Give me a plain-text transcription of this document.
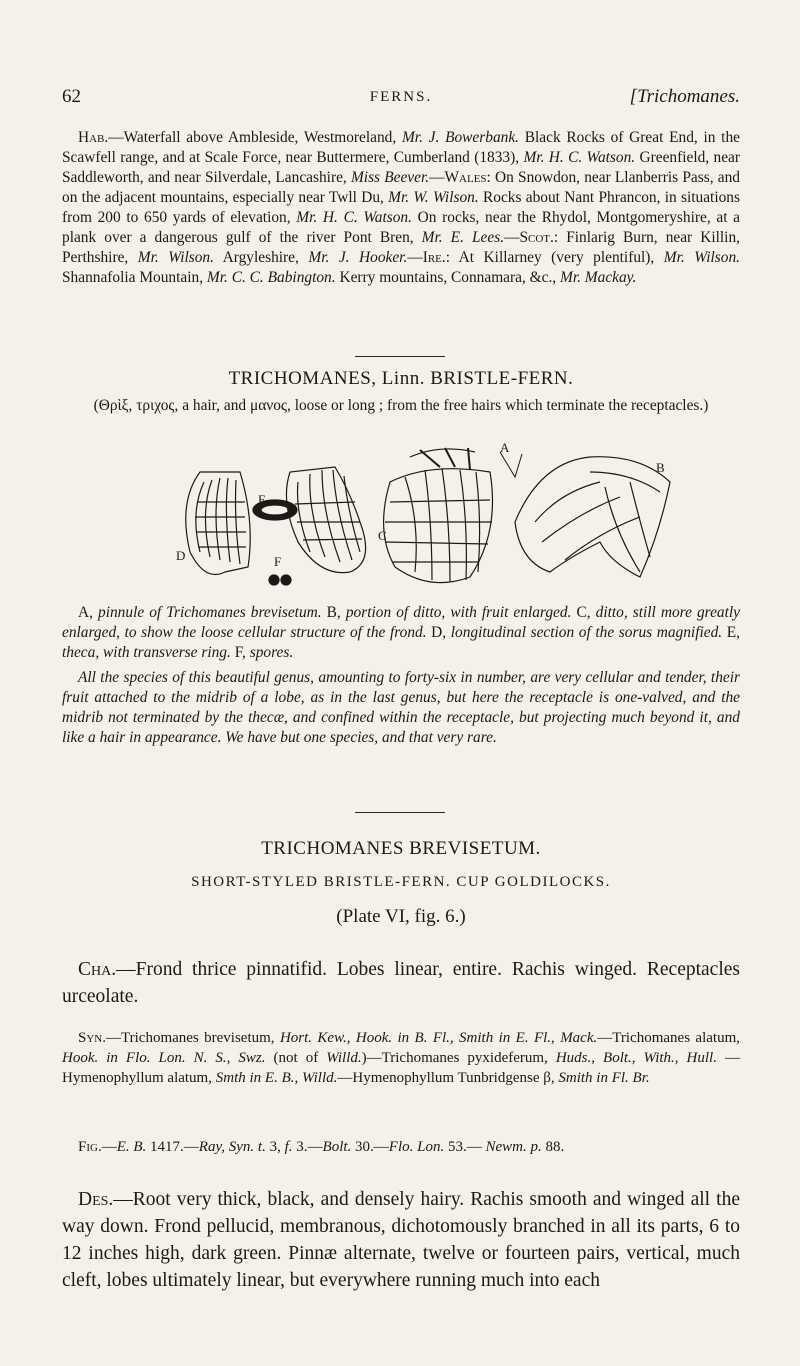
62	FERNS.	[Trichomanes.

Hab.—Waterfall above Ambleside, Westmoreland, Mr. J. Bowerbank. Black Rocks of Great End, in the Scawfell range, and at Scale Force, near Buttermere, Cumberland (1833), Mr. H. C. Watson. Greenfield, near Saddleworth, and near Silverdale, Lancashire, Miss Beever.—Wales: On Snowdon, near Llanberris Pass, and on the adjacent mountains, especially near Twll Du, Mr. W. Wilson. Rocks about Nant Phrancon, in situations from 200 to 650 yards of elevation, Mr. H. C. Watson. On rocks, near the Rhydol, Montgomeryshire, at a plank over a dangerous gulf of the river Pont Bren, Mr. E. Lees.—Scot.: Finlarig Burn, near Killin, Perthshire, Mr. Wilson. Argyleshire, Mr. J. Hooker.—Ire.: At Killarney (very plentiful), Mr. Wilson. Shannafolia Mountain, Mr. C. C. Babington. Kerry mountains, Connamara, &c., Mr. Mackay.

TRICHOMANES, Linn. BRISTLE-FERN.
(Θρὶξ, τριχος, a hair, and μανος, loose or long ; from the free hairs which terminate the receptacles.)
D
E
F
C
A
B

A, pinnule of Trichomanes brevisetum. B, portion of ditto, with fruit enlarged. C, ditto, still more greatly enlarged, to show the loose cellular structure of the frond. D, longitudinal section of the sorus magnified. E, theca, with transverse ring. F, spores.

All the species of this beautiful genus, amounting to forty-six in number, are very cellular and tender, their fruit attached to the midrib of a lobe, as in the last genus, but here the receptacle is one-valved, and the midrib not terminated by the thecæ, and confined within the receptacle, but projecting much beyond it, and like a hair in appearance. We have but one species, and that very rare.

TRICHOMANES BREVISETUM.
SHORT-STYLED BRISTLE-FERN. CUP GOLDILOCKS.
(Plate VI, fig. 6.)

Cha.—Frond thrice pinnatifid. Lobes linear, entire. Rachis winged. Receptacles urceolate.

Syn.—Trichomanes brevisetum, Hort. Kew., Hook. in B. Fl., Smith in E. Fl., Mack.—Trichomanes alatum, Hook. in Flo. Lon. N. S., Swz. (not of Willd.)—Trichomanes pyxideferum, Huds., Bolt., With., Hull. —Hymenophyllum alatum, Smth in E. B., Willd.—Hymenophyllum Tunbridgense β, Smith in Fl. Br.

Fig.—E. B. 1417.—Ray, Syn. t. 3, f. 3.—Bolt. 30.—Flo. Lon. 53.— Newm. p. 88.

Des.—Root very thick, black, and densely hairy. Rachis smooth and winged all the way down. Frond pellucid, membranous, dichotomously branched in all its parts, 6 to 12 inches high, dark green. Pinnæ alternate, twelve or fourteen pairs, vertical, much cleft, lobes ultimately linear, but everywhere running much into each
